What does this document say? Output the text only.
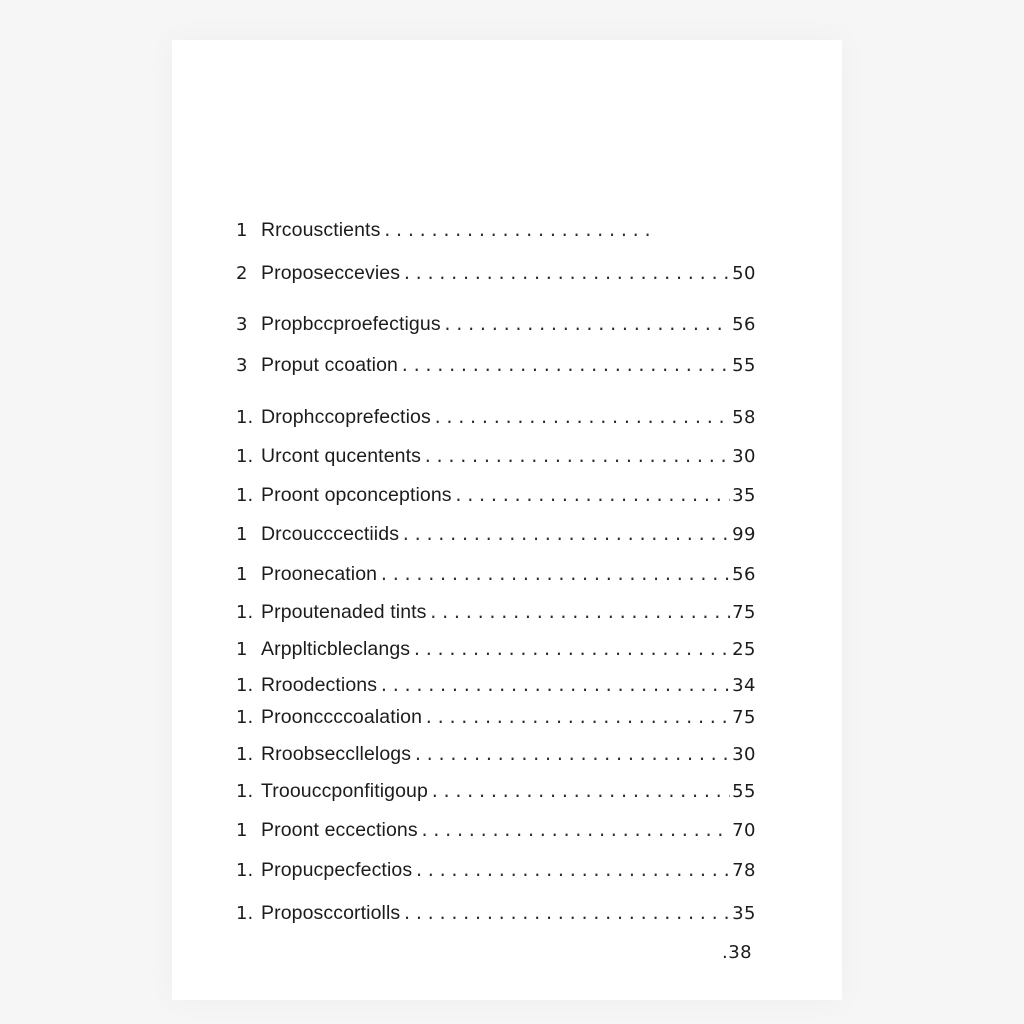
1 Rrcousctients
.....
2 Proposeccevies .....	50
3 Propbccproefectigus .....	56
3 Proput ccoation .....	55
1. Drophccoprefectios .....	58
1. Urcont qucentents .....	30
1. Proont opconceptions .....	35
1 Drcoucccectiids .....	99
1 Proonecation .....	56
1. Prpoutenaded tints .....	75
1 Arpplticbleclangs .....	25
1. Rroodections .....	34
1. Proonccccoalation .....	75
1. Rroobseccllelogs .....	30
1. Troouccponfitigoup .....	55
1 Proont eccections .....	70
1. Propucpecfectios .....	78
1. Proposccortiolls .....	35
.38
